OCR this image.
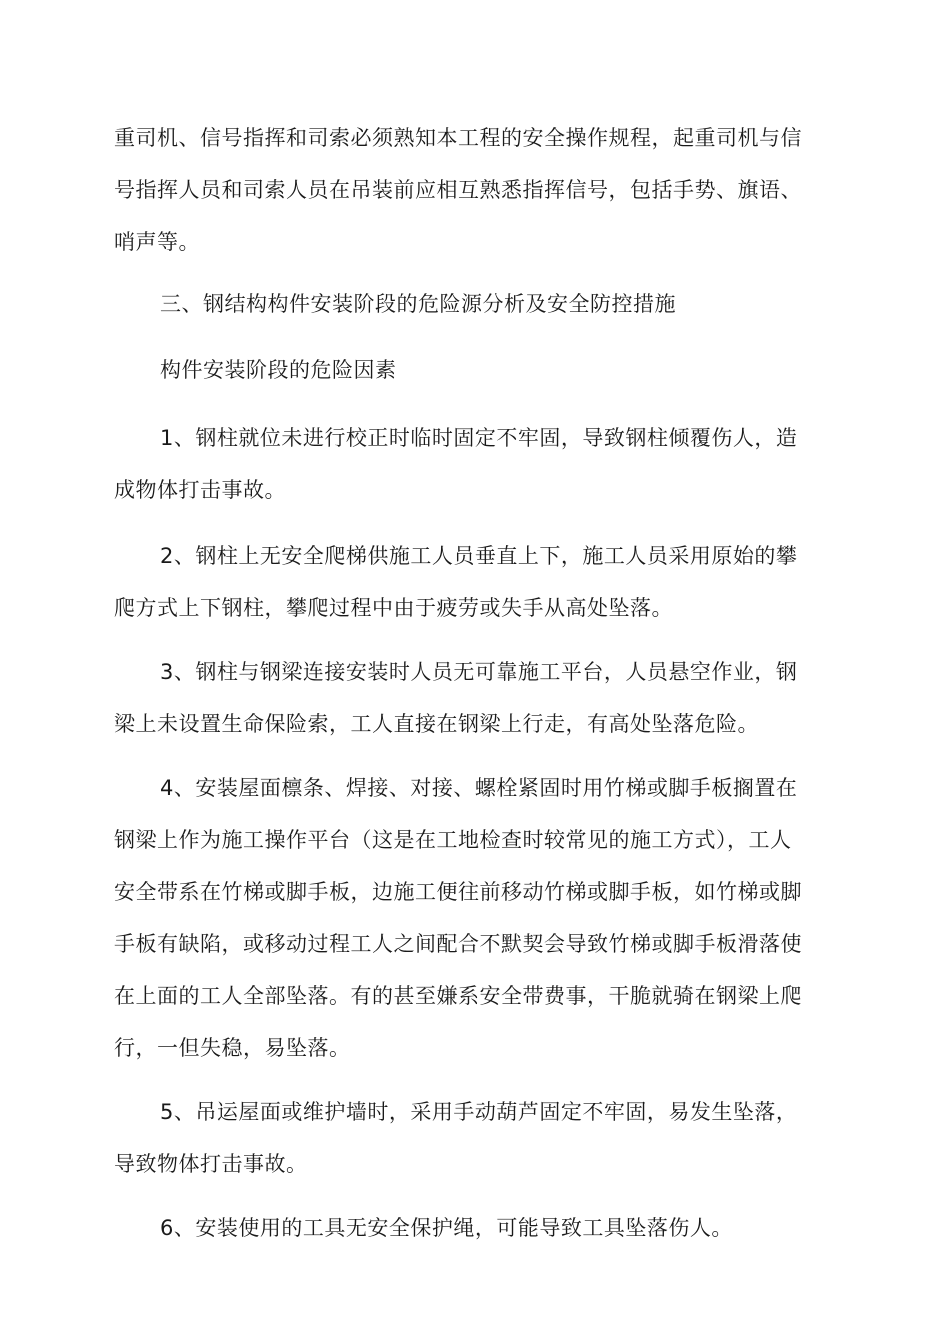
重司机、信号指挥和司索必须熟知本工程的安全操作规程，起重司机与信
号指挥人员和司索人员在吊装前应相互熟悉指挥信号，包括手势、旗语、
哨声等。
三、钢结构构件安装阶段的危险源分析及安全防控措施
构件安装阶段的危险因素
1、钢柱就位未进行校正时临时固定不牢固，导致钢柱倾覆伤人，造
成物体打击事故。
2、钢柱上无安全爬梯供施工人员垂直上下，施工人员采用原始的攀
爬方式上下钢柱，攀爬过程中由于疲劳或失手从高处坠落。
3、钢柱与钢梁连接安装时人员无可靠施工平台，人员悬空作业，钢
梁上未设置生命保险索，工人直接在钢梁上行走，有高处坠落危险。
4、安装屋面檩条、焊接、对接、螺栓紧固时用竹梯或脚手板搁置在
钢梁上作为施工操作平台（这是在工地检查时较常见的施工方式），工人
安全带系在竹梯或脚手板，边施工便往前移动竹梯或脚手板，如竹梯或脚
手板有缺陷，或移动过程工人之间配合不默契会导致竹梯或脚手板滑落使
在上面的工人全部坠落。有的甚至嫌系安全带费事，干脆就骑在钢梁上爬
行，一但失稳，易坠落。
5、吊运屋面或维护墙时，采用手动葫芦固定不牢固，易发生坠落，
导致物体打击事故。
6、安装使用的工具无安全保护绳，可能导致工具坠落伤人。
